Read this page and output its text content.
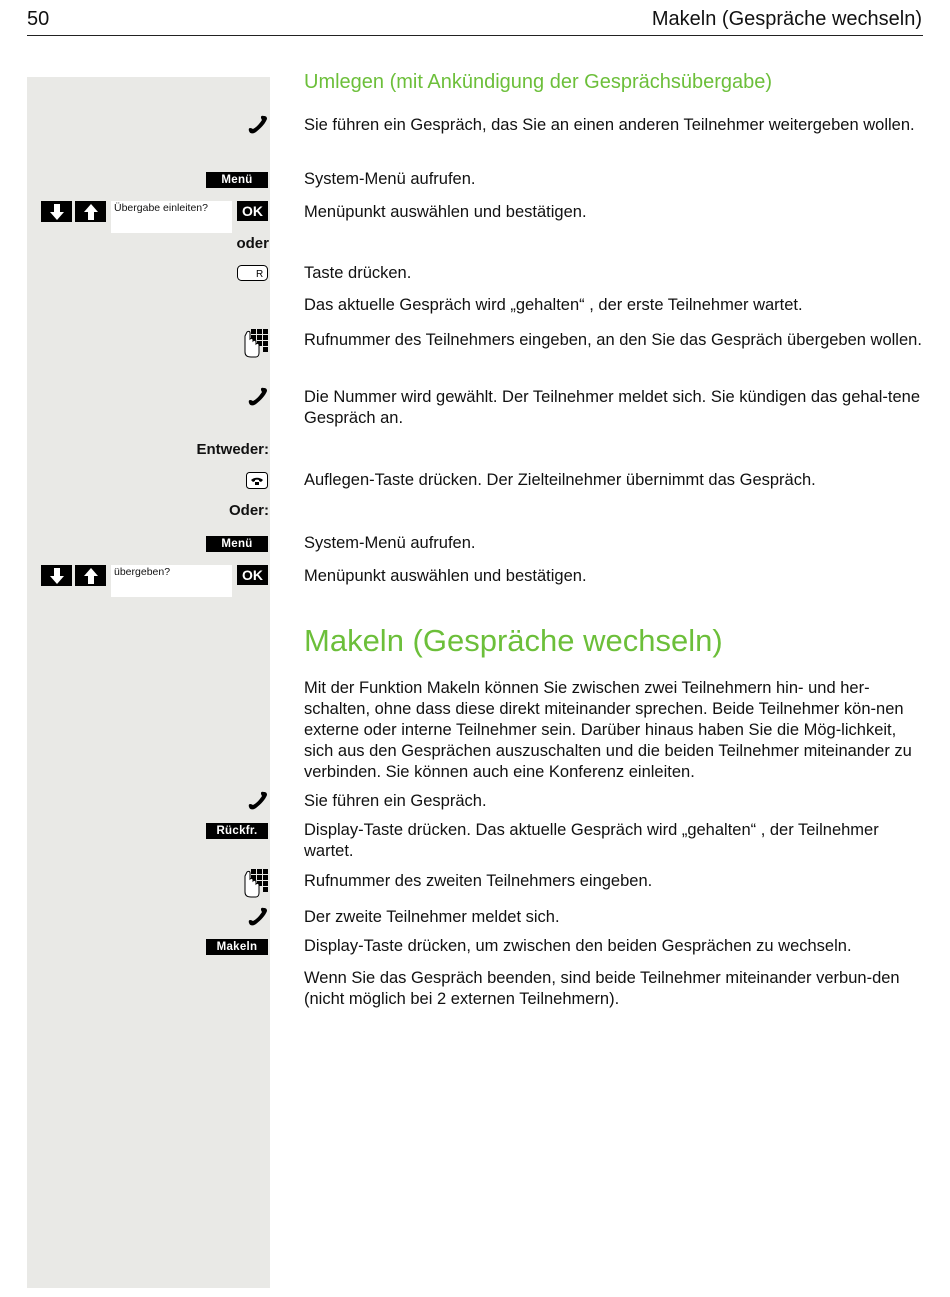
50	Makeln (Gespräche wechseln)
Umlegen (mit Ankündigung der Gesprächsübergabe)
Sie führen ein Gespräch, das Sie an einen anderen Teilnehmer weitergeben wollen.
Menü	System-Menü aufrufen.
Übergabe einleiten?	OK	Menüpunkt auswählen und bestätigen.
oder
R Taste drücken.
Das aktuelle Gespräch wird „gehalten“ , der erste Teilnehmer wartet.
Rufnummer des Teilnehmers eingeben, an den Sie das Gespräch übergeben wollen.
Die Nummer wird gewählt. Der Teilnehmer meldet sich. Sie kündigen das gehal-tene Gespräch an.
Entweder:
Auflegen-Taste drücken. Der Zielteilnehmer übernimmt das Gespräch.
Oder:
Menü	System-Menü aufrufen.
übergeben?	OK	Menüpunkt auswählen und bestätigen.
Makeln (Gespräche wechseln)
Mit der Funktion Makeln können Sie zwischen zwei Teilnehmern hin- und her-schalten, ohne dass diese direkt miteinander sprechen. Beide Teilnehmer kön-nen externe oder interne Teilnehmer sein. Darüber hinaus haben Sie die Mög-lichkeit, sich aus den Gesprächen auszuschalten und die beiden Teilnehmer miteinander zu verbinden. Sie können auch eine Konferenz einleiten.
Sie führen ein Gespräch.
Rückfr.	Display-Taste drücken. Das aktuelle Gespräch wird „gehalten“ , der Teilnehmer wartet.
Rufnummer des zweiten Teilnehmers eingeben.
Der zweite Teilnehmer meldet sich.
Makeln	Display-Taste drücken, um zwischen den beiden Gesprächen zu wechseln.
Wenn Sie das Gespräch beenden, sind beide Teilnehmer miteinander verbun-den (nicht möglich bei 2 externen Teilnehmern).
